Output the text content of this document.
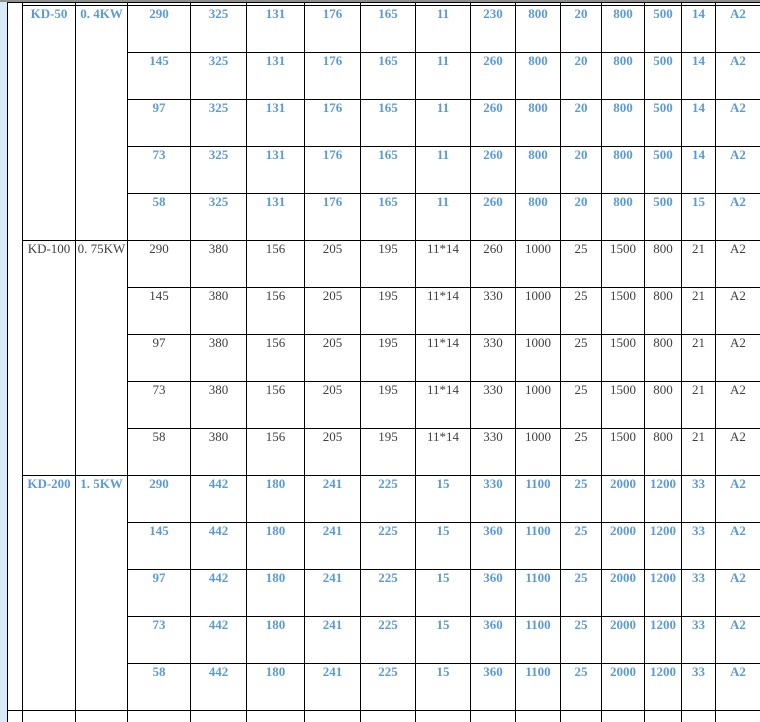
	KD-50	0. 4KW	290	325	131	176	165	11	230	800	20	800	500	14	A2
			145	325	131	176	165	11	260	800	20	800	500	14	A2
			97	325	131	176	165	11	260	800	20	800	500	14	A2
			73	325	131	176	165	11	260	800	20	800	500	14	A2
			58	325	131	176	165	11	260	800	20	800	500	15	A2
	KD-100	0. 75KW	290	380	156	205	195	11*14	260	1000	25	1500	800	21	A2
			145	380	156	205	195	11*14	330	1000	25	1500	800	21	A2
			97	380	156	205	195	11*14	330	1000	25	1500	800	21	A2
			73	380	156	205	195	11*14	330	1000	25	1500	800	21	A2
			58	380	156	205	195	11*14	330	1000	25	1500	800	21	A2
	KD-200	1. 5KW	290	442	180	241	225	15	330	1100	25	2000	1200	33	A2
			145	442	180	241	225	15	360	1100	25	2000	1200	33	A2
			97	442	180	241	225	15	360	1100	25	2000	1200	33	A2
			73	442	180	241	225	15	360	1100	25	2000	1200	33	A2
			58	442	180	241	225	15	360	1100	25	2000	1200	33	A2
